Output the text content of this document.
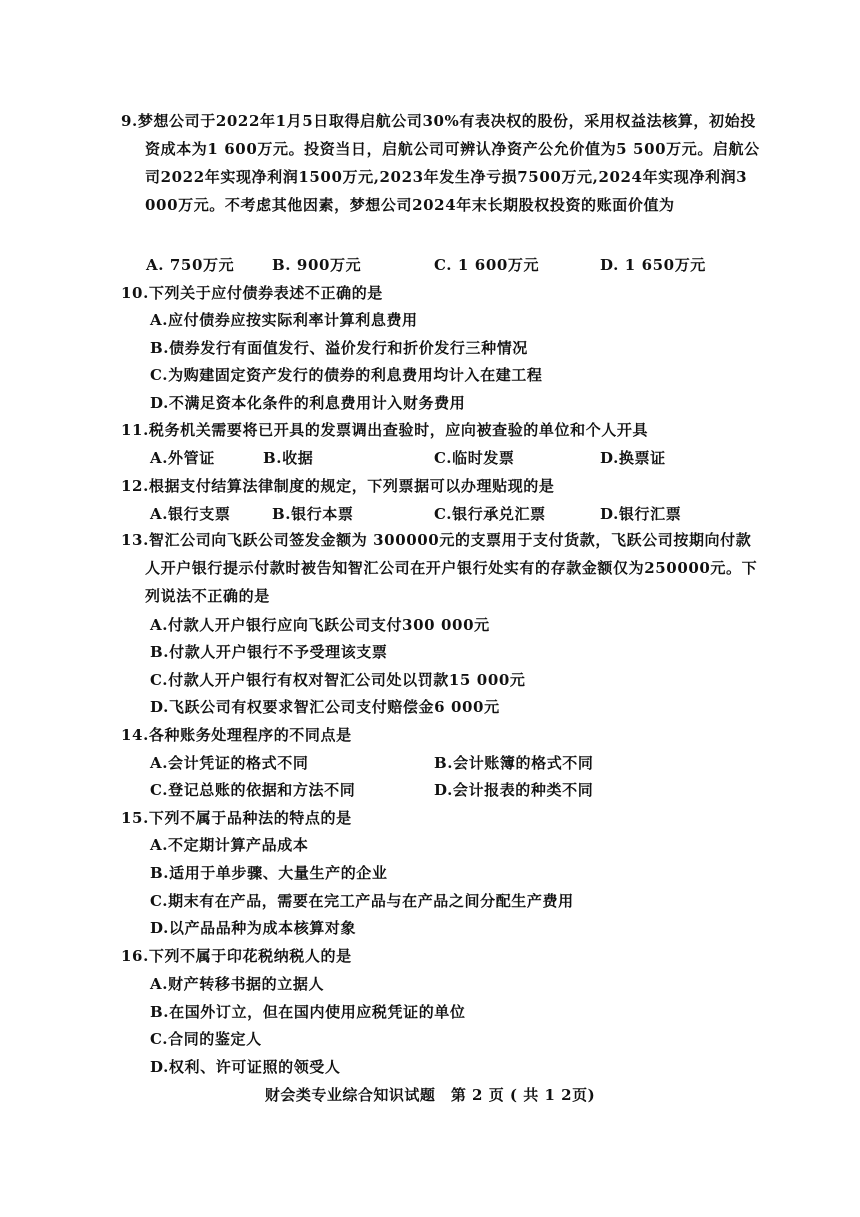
9.梦想公司于2022年1月5日取得启航公司30%有表决权的股份，采用权益法核算，初始投资成本为1 600万元。投资当日，启航公司可辨认净资产公允价值为5 500万元。启航公司2022年实现净利润1500万元,2023年发生净亏损7500万元,2024年实现净利润3 000万元。不考虑其他因素，梦想公司2024年末长期股权投资的账面价值为
A. 750万元	B. 900万元	C. 1 600万元	D. 1 650万元
10.下列关于应付债券表述不正确的是
A.应付债券应按实际利率计算利息费用
B.债券发行有面值发行、溢价发行和折价发行三种情况
C.为购建固定资产发行的债券的利息费用均计入在建工程
D.不满足资本化条件的利息费用计入财务费用
11.税务机关需要将已开具的发票调出查验时，应向被查验的单位和个人开具
A.外管证	B.收据	C.临时发票	D.换票证
12.根据支付结算法律制度的规定，下列票据可以办理贴现的是
A.银行支票	B.银行本票	C.银行承兑汇票	D.银行汇票
13.智汇公司向飞跃公司签发金额为 300000元的支票用于支付货款，飞跃公司按期向付款人开户银行提示付款时被告知智汇公司在开户银行处实有的存款金额仅为250000元。下列说法不正确的是
A.付款人开户银行应向飞跃公司支付300 000元
B.付款人开户银行不予受理该支票
C.付款人开户银行有权对智汇公司处以罚款15 000元
D.飞跃公司有权要求智汇公司支付赔偿金6 000元
14.各种账务处理程序的不同点是
A.会计凭证的格式不同	B.会计账簿的格式不同
C.登记总账的依据和方法不同	D.会计报表的种类不同
15.下列不属于品种法的特点的是
A.不定期计算产品成本
B.适用于单步骤、大量生产的企业
C.期末有在产品，需要在完工产品与在产品之间分配生产费用
D.以产品品种为成本核算对象
16.下列不属于印花税纳税人的是
A.财产转移书据的立据人
B.在国外订立，但在国内使用应税凭证的单位
C.合同的鉴定人
D.权利、许可证照的领受人
财会类专业综合知识试题　第 2 页 ( 共 1 2页)
